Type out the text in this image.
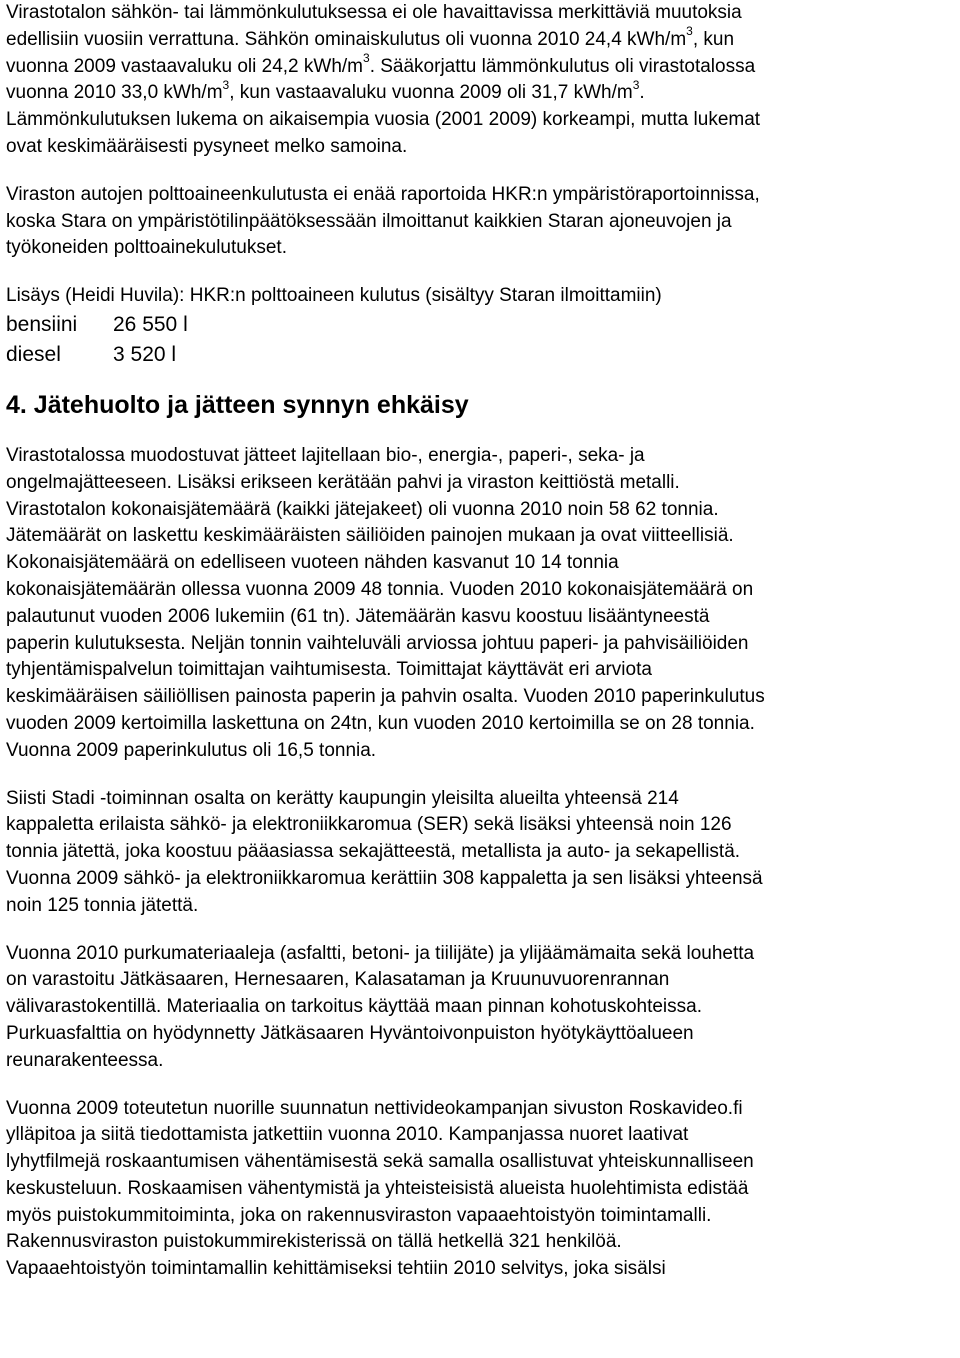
Virastotalon sähkön- tai lämmönkulutuksessa ei ole havaittavissa merkittäviä muutoksia
edellisiin vuosiin verrattuna. Sähkön ominaiskulutus oli vuonna 2010 24,4 kWh/$m^3$, kun
vuonna 2009 vastaavaluku oli 24,2 kWh/$m^3$. Sääkorjattu lämmönkulutus oli virastotalossa
vuonna 2010 33,0 kWh/$m^3$, kun vastaavaluku vuonna 2009 oli 31,7 kWh/$m^3$.
Lämmönkulutuksen lukema on aikaisempia vuosia (2001 2009) korkeampi, mutta lukemat
ovat keskimääräisesti pysyneet melko samoina.
Viraston autojen polttoaineenkulutusta ei enää raportoida HKR:n ympäristöraportoinnissa,
koska Stara on ympäristötilinpäätöksessään ilmoittanut kaikkien Staran ajoneuvojen ja
työkoneiden polttoainekulutukset.
Lisäys (Heidi Huvila): HKR:n polttoaineen kulutus (sisältyy Staran ilmoittamiin)
bensiini 26 550 l
diesel 3 520 l
4. Jätehuolto ja jätteen synnyn ehkäisy
Virastotalossa muodostuvat jätteet lajitellaan bio-, energia-, paperi-, seka- ja
ongelmajätteeseen. Lisäksi erikseen kerätään pahvi ja viraston keittiöstä metalli.
Virastotalon kokonaisjätemäärä (kaikki jätejakeet) oli vuonna 2010 noin 58 62 tonnia.
Jätemäärät on laskettu keskimääräisten säiliöiden painojen mukaan ja ovat viitteellisiä.
Kokonaisjätemäärä on edelliseen vuoteen nähden kasvanut 10 14 tonnia
kokonaisjätemäärän ollessa vuonna 2009 48 tonnia. Vuoden 2010 kokonaisjätemäärä on
palautunut vuoden 2006 lukemiin (61 tn). Jätemäärän kasvu koostuu lisääntyneestä
paperin kulutuksesta. Neljän tonnin vaihteluväli arviossa johtuu paperi- ja pahvisäiliöiden
tyhjentämispalvelun toimittajan vaihtumisesta. Toimittajat käyttävät eri arviota
keskimääräisen säiliöllisen painosta paperin ja pahvin osalta. Vuoden 2010 paperinkulutus
vuoden 2009 kertoimilla laskettuna on 24tn, kun vuoden 2010 kertoimilla se on 28 tonnia.
Vuonna 2009 paperinkulutus oli 16,5 tonnia.
Siisti Stadi -toiminnan osalta on kerätty kaupungin yleisilta alueilta yhteensä 214
kappaletta erilaista sähkö- ja elektroniikkaromua (SER) sekä lisäksi yhteensä noin 126
tonnia jätettä, joka koostuu pääasiassa sekajätteestä, metallista ja auto- ja sekapellistä.
Vuonna 2009 sähkö- ja elektroniikkaromua kerättiin 308 kappaletta ja sen lisäksi yhteensä
noin 125 tonnia jätettä.
Vuonna 2010 purkumateriaaleja (asfaltti, betoni- ja tiilijäte) ja ylijäämämaita sekä louhetta
on varastoitu Jätkäsaaren, Hernesaaren, Kalasataman ja Kruunuvuorenrannan
välivarastokentillä. Materiaalia on tarkoitus käyttää maan pinnan kohotuskohteissa.
Purkuasfalttia on hyödynnetty Jätkäsaaren Hyväntoivonpuiston hyötykäyttöalueen
reunarakenteessa.
Vuonna 2009 toteutetun nuorille suunnatun nettivideokampanjan sivuston Roskavideo.fi
ylläpitoa ja siitä tiedottamista jatkettiin vuonna 2010. Kampanjassa nuoret laativat
lyhytfilmejä roskaantumisen vähentämisestä sekä samalla osallistuvat yhteiskunnalliseen
keskusteluun. Roskaamisen vähentymistä ja yhteisteisistä alueista huolehtimista edistää
myös puistokummitoiminta, joka on rakennusviraston vapaaehtoistyön toimintamalli.
Rakennusviraston puistokummirekisterissä on tällä hetkellä 321 henkilöä.
Vapaaehtoistyön toimintamallin kehittämiseksi tehtiin 2010 selvitys, joka sisälsi
